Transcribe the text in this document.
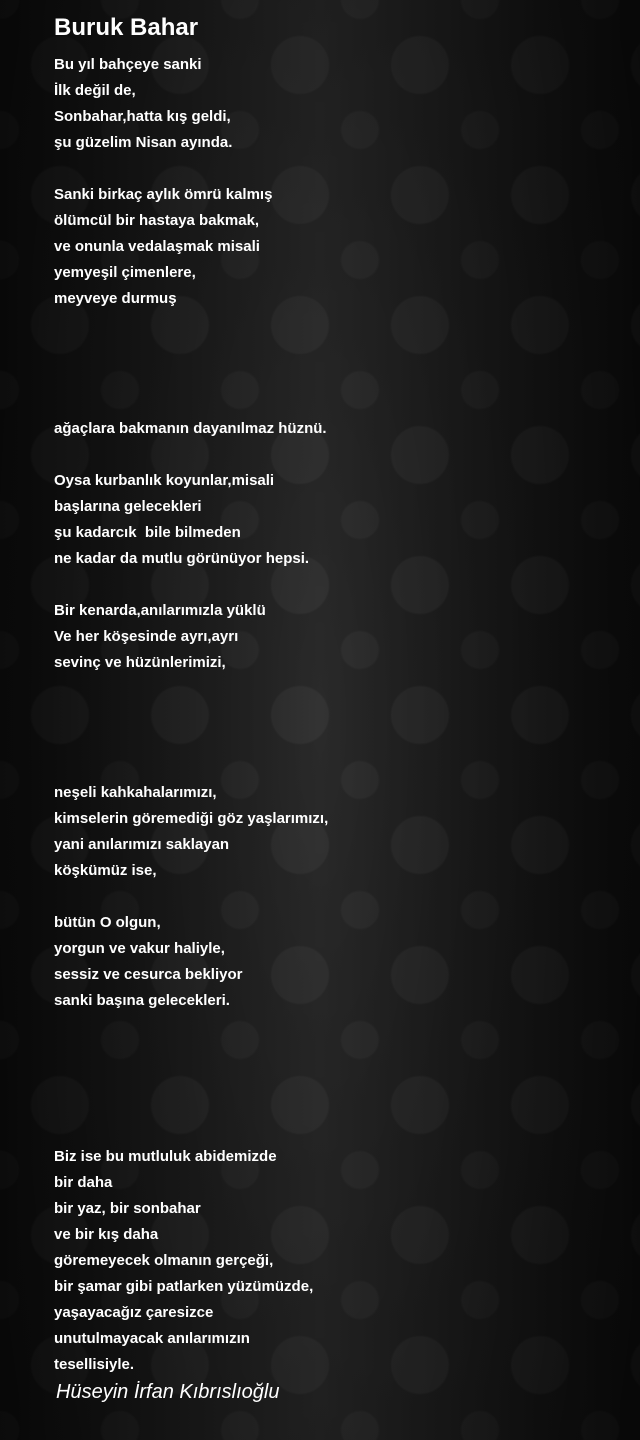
Buruk Bahar
Bu yıl bahçeye sanki
İlk değil de,
Sonbahar,hatta kış geldi,
şu güzelim Nisan ayında.
Sanki birkaç aylık ömrü kalmış
ölümcül bir hastaya bakmak,
ve onunla vedalaşmak misali
yemyeşil çimenlere,
meyveye durmuş
ağaçlara bakmanın dayanılmaz hüznü.
Oysa kurbanlık koyunlar,misali
başlarına gelecekleri
şu kadarcık  bile bilmeden
ne kadar da mutlu görünüyor hepsi.
Bir kenarda,anılarımızla yüklü
Ve her köşesinde ayrı,ayrı
sevinç ve hüzünlerimizi,
neşeli kahkahalarımızı,
kimselerin göremediği göz yaşlarımızı,
yani anılarımızı saklayan
köşkümüz ise,
bütün O olgun,
yorgun ve vakur haliyle,
sessiz ve cesurca bekliyor
sanki başına gelecekleri.
Biz ise bu mutluluk abidemizde
bir daha
bir yaz, bir sonbahar
ve bir kış daha
göremeyecek olmanın gerçeği,
bir şamar gibi patlarken yüzümüzde,
yaşayacağız çaresizce
unutulmayacak anılarımızın
tesellisiyle.

Hüseyin İrfan Kıbrıslıoğlu
